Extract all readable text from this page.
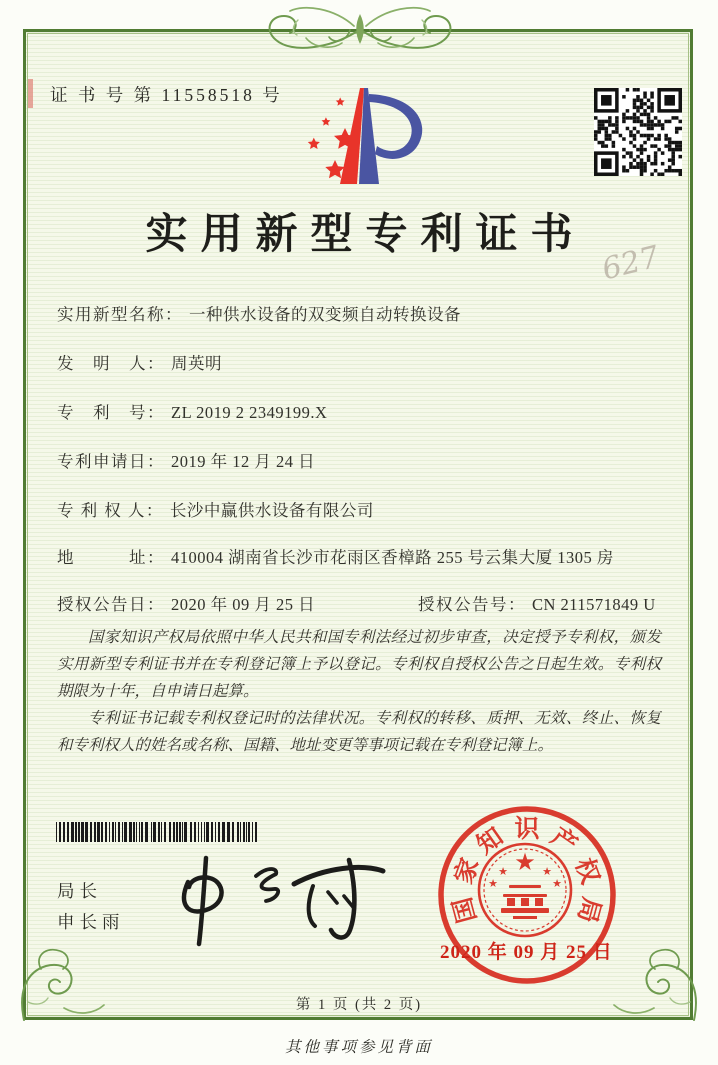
证 书 号 第 11558518 号
实用新型专利证书
627
实用新型名称： 一种供水设备的双变频自动转换设备
发　明　人： 周英明
专　利　号： ZL 2019 2 2349199.X
专利申请日： 2019 年 12 月 24 日
专 利 权 人： 长沙中赢供水设备有限公司
地　　　址： 410004 湖南省长沙市花雨区香樟路 255 号云集大厦 1305 房
授权公告日： 2020 年 09 月 25 日	授权公告号： CN 211571849 U

国家知识产权局依照中华人民共和国专利法经过初步审查，决定授予专利权，颁发实用新型专利证书并在专利登记簿上予以登记。专利权自授权公告之日起生效。专利权期限为十年，自申请日起算。

专利证书记载专利权登记时的法律状况。专利权的转移、质押、无效、终止、恢复和专利权人的姓名或名称、国籍、地址变更等事项记载在专利登记簿上。

局长
申长雨	国
家
知 识 产
权
局
★
★
★
★
★
2020 年 09 月 25 日
第 1 页 (共 2 页)
其他事项参见背面
